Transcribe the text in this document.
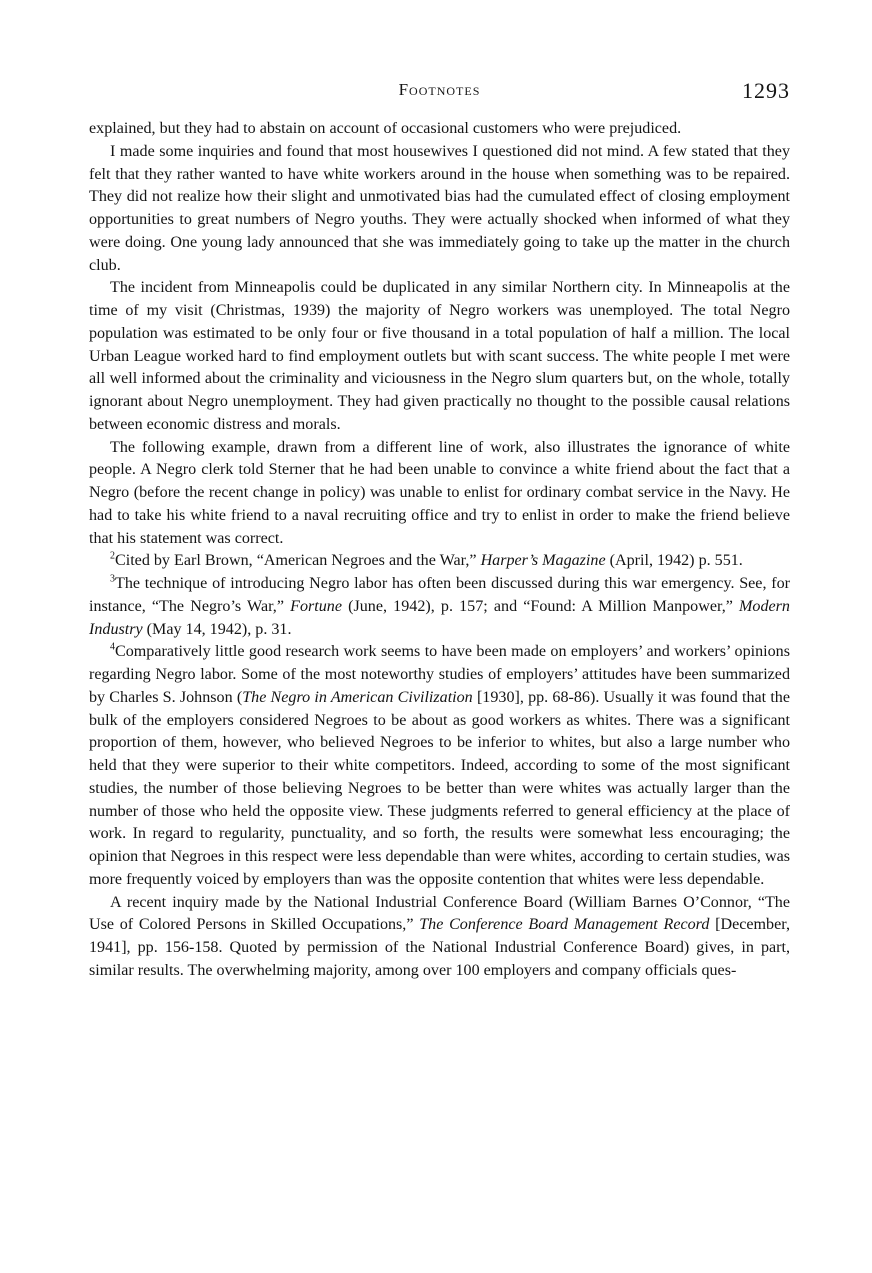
Footnotes	1293

explained, but they had to abstain on account of occasional customers who were prejudiced.

I made some inquiries and found that most housewives I questioned did not mind. A few stated that they felt that they rather wanted to have white workers around in the house when something was to be repaired. They did not realize how their slight and unmotivated bias had the cumulated effect of closing employment opportunities to great numbers of Negro youths. They were actually shocked when informed of what they were doing. One young lady announced that she was immediately going to take up the matter in the church club.

The incident from Minneapolis could be duplicated in any similar Northern city. In Minneapolis at the time of my visit (Christmas, 1939) the majority of Negro workers was unemployed. The total Negro population was estimated to be only four or five thousand in a total population of half a million. The local Urban League worked hard to find employment outlets but with scant success. The white people I met were all well informed about the criminality and viciousness in the Negro slum quarters but, on the whole, totally ignorant about Negro unemployment. They had given practically no thought to the possible causal relations between economic distress and morals.

The following example, drawn from a different line of work, also illustrates the ignorance of white people. A Negro clerk told Sterner that he had been unable to convince a white friend about the fact that a Negro (before the recent change in policy) was unable to enlist for ordinary combat service in the Navy. He had to take his white friend to a naval recruiting office and try to enlist in order to make the friend believe that his statement was correct.

$^2$Cited by Earl Brown, “American Negroes and the War,” Harper’s Magazine (April, 1942) p. 551.

$^3$The technique of introducing Negro labor has often been discussed during this war emergency. See, for instance, “The Negro’s War,” Fortune (June, 1942), p. 157; and “Found: A Million Manpower,” Modern Industry (May 14, 1942), p. 31.

$^4$Comparatively little good research work seems to have been made on employers’ and workers’ opinions regarding Negro labor. Some of the most noteworthy studies of employers’ attitudes have been summarized by Charles S. Johnson (The Negro in American Civilization [1930], pp. 68-86). Usually it was found that the bulk of the employers considered Negroes to be about as good workers as whites. There was a significant proportion of them, however, who believed Negroes to be inferior to whites, but also a large number who held that they were superior to their white competitors. Indeed, according to some of the most significant studies, the number of those believing Negroes to be better than were whites was actually larger than the number of those who held the opposite view. These judgments referred to general efficiency at the place of work. In regard to regularity, punctuality, and so forth, the results were somewhat less encouraging; the opinion that Negroes in this respect were less dependable than were whites, according to certain studies, was more frequently voiced by employers than was the opposite contention that whites were less dependable.

A recent inquiry made by the National Industrial Conference Board (William Barnes O’Connor, “The Use of Colored Persons in Skilled Occupations,” The Conference Board Management Record [December, 1941], pp. 156-158. Quoted by permission of the National Industrial Conference Board) gives, in part, similar results. The overwhelming majority, among over 100 employers and company officials ques-
